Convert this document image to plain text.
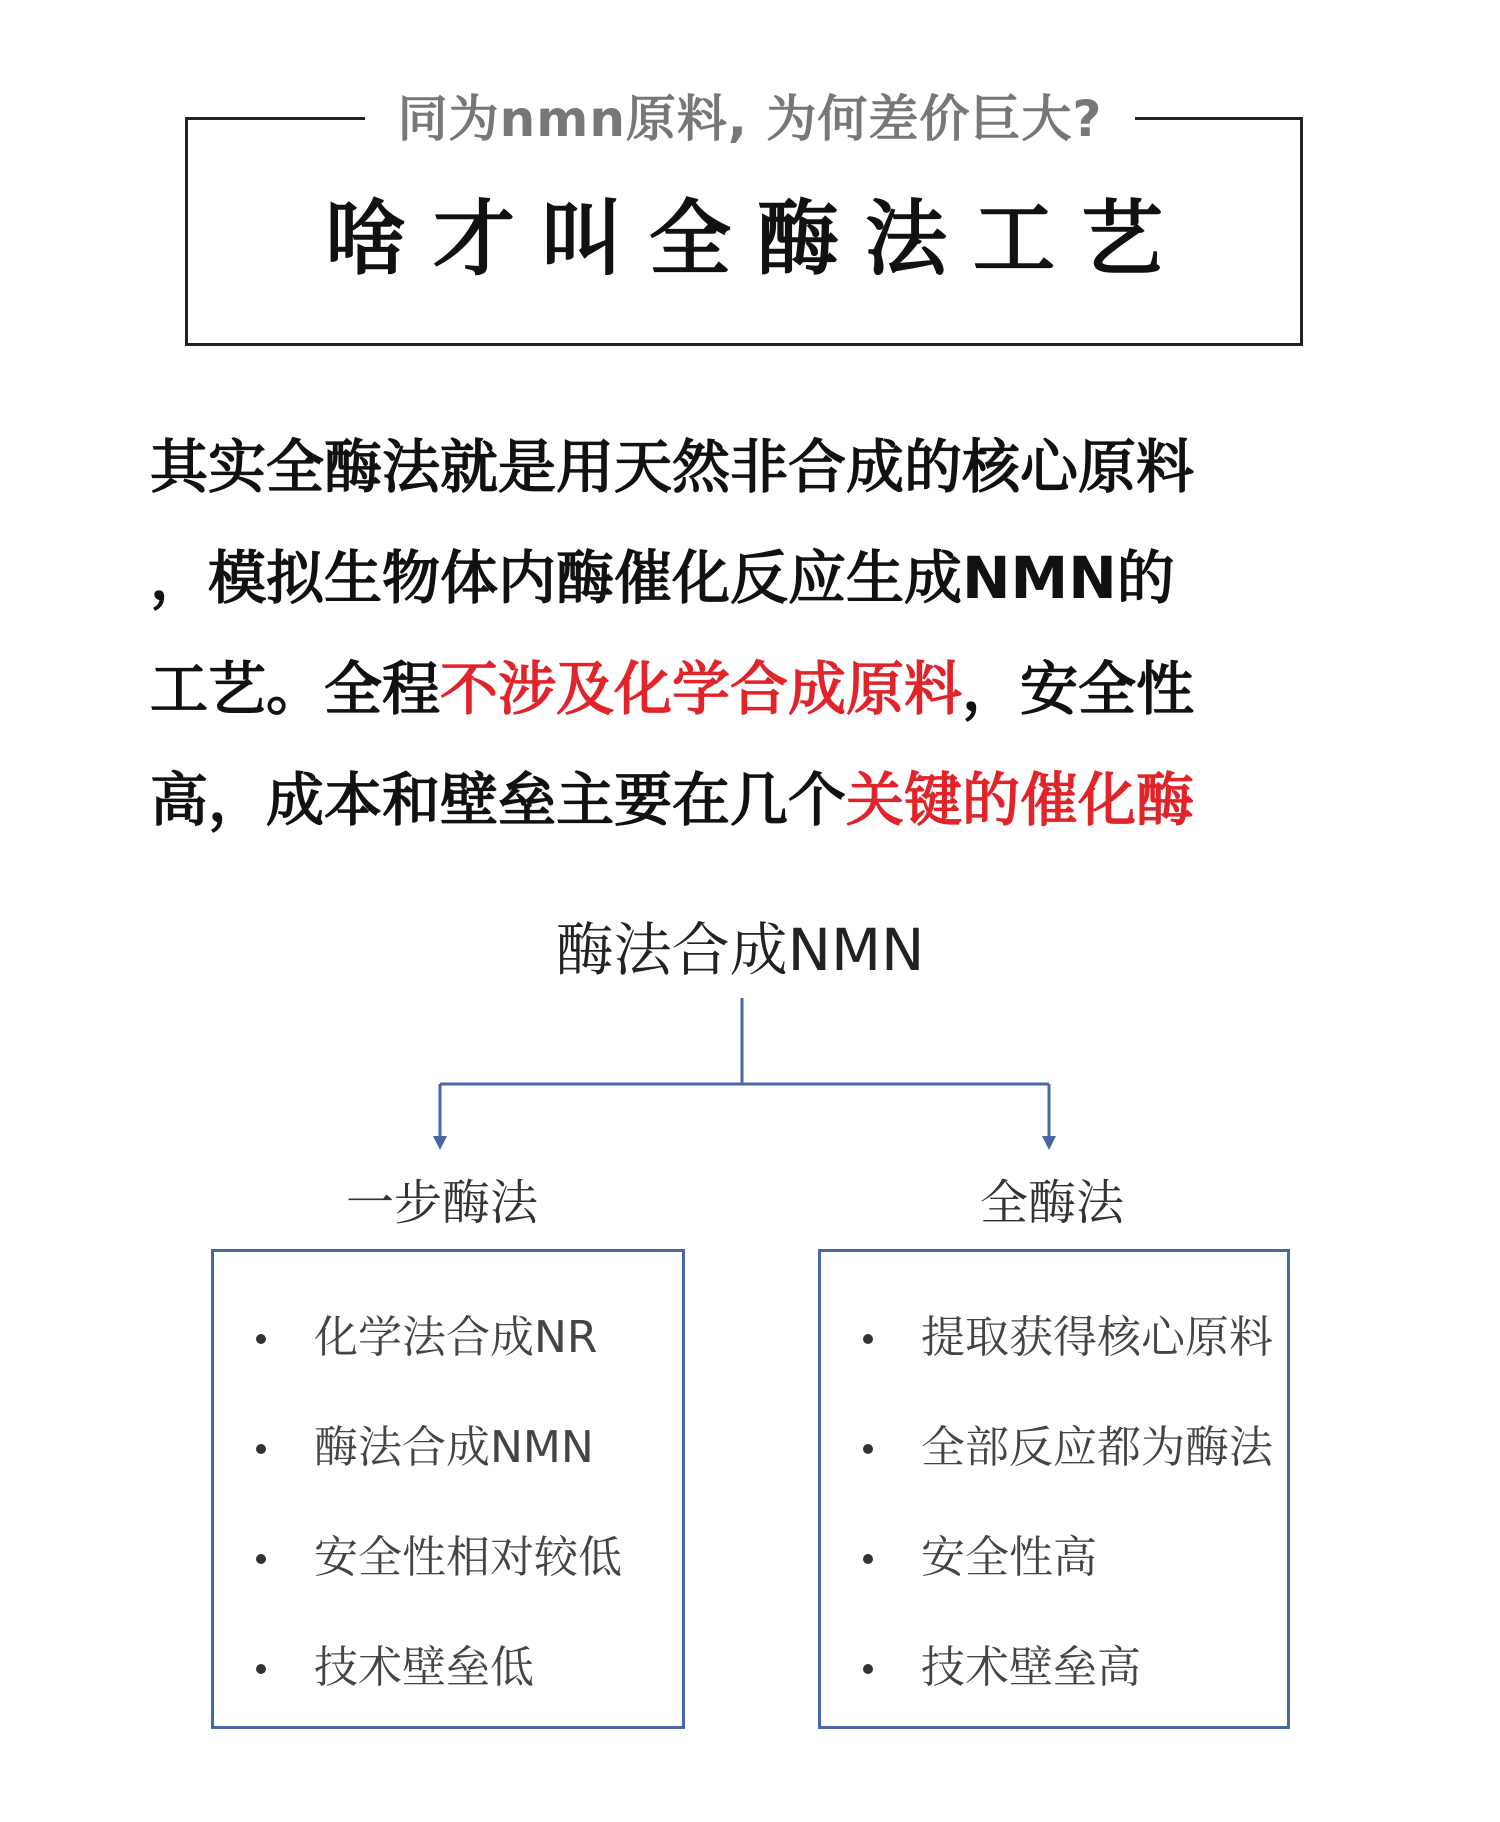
同为nmn原料, 为何差价巨大?
啥才叫全酶法工艺
其实全酶法就是用天然非合成的核心原料
，模拟生物体内酶催化反应生成NMN的
工艺。全程不涉及化学合成原料，安全性
高，成本和壁垒主要在几个关键的催化酶
酶法合成NMN
一步酶法	全酶法
化学法合成NR
酶法合成NMN
安全性相对较低
技术壁垒低
提取获得核心原料
全部反应都为酶法
安全性高
技术壁垒高
